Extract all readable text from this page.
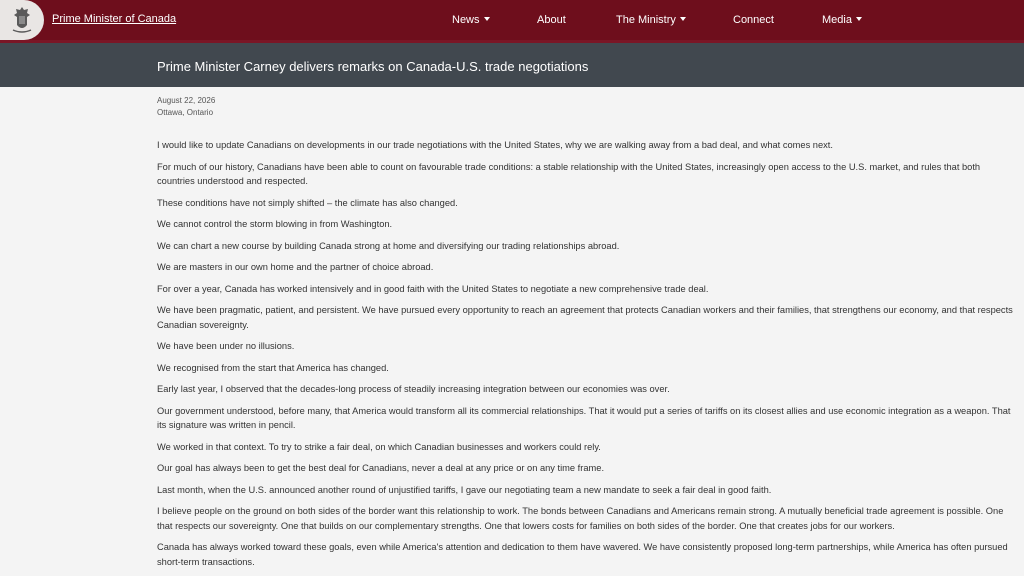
Prime Minister of Canada	News	About	The Ministry	Connect	Media
Prime Minister Carney delivers remarks on Canada-U.S. trade negotiations
August 22, 2026
Ottawa, Ontario

I would like to update Canadians on developments in our trade negotiations with the United States, why we are walking away from a bad deal, and what comes next.

For much of our history, Canadians have been able to count on favourable trade conditions: a stable relationship with the United States, increasingly open access to the U.S. market, and rules that both countries understood and respected.

These conditions have not simply shifted – the climate has also changed.

We cannot control the storm blowing in from Washington.

We can chart a new course by building Canada strong at home and diversifying our trading relationships abroad.

We are masters in our own home and the partner of choice abroad.

For over a year, Canada has worked intensively and in good faith with the United States to negotiate a new comprehensive trade deal.

We have been pragmatic, patient, and persistent. We have pursued every opportunity to reach an agreement that protects Canadian workers and their families, that strengthens our economy, and that respects Canadian sovereignty.

We have been under no illusions.

We recognised from the start that America has changed.

Early last year, I observed that the decades-long process of steadily increasing integration between our economies was over.

Our government understood, before many, that America would transform all its commercial relationships. That it would put a series of tariffs on its closest allies and use economic integration as a weapon. That its signature was written in pencil.

We worked in that context. To try to strike a fair deal, on which Canadian businesses and workers could rely.

Our goal has always been to get the best deal for Canadians, never a deal at any price or on any time frame.

Last month, when the U.S. announced another round of unjustified tariffs, I gave our negotiating team a new mandate to seek a fair deal in good faith.

I believe people on the ground on both sides of the border want this relationship to work. The bonds between Canadians and Americans remain strong. A mutually beneficial trade agreement is possible. One that respects our sovereignty. One that builds on our complementary strengths. One that lowers costs for families on both sides of the border. One that creates jobs for our workers.

Canada has always worked toward these goals, even while America's attention and dedication to them have wavered. We have consistently proposed long-term partnerships, while America has often pursued short-term transactions.
